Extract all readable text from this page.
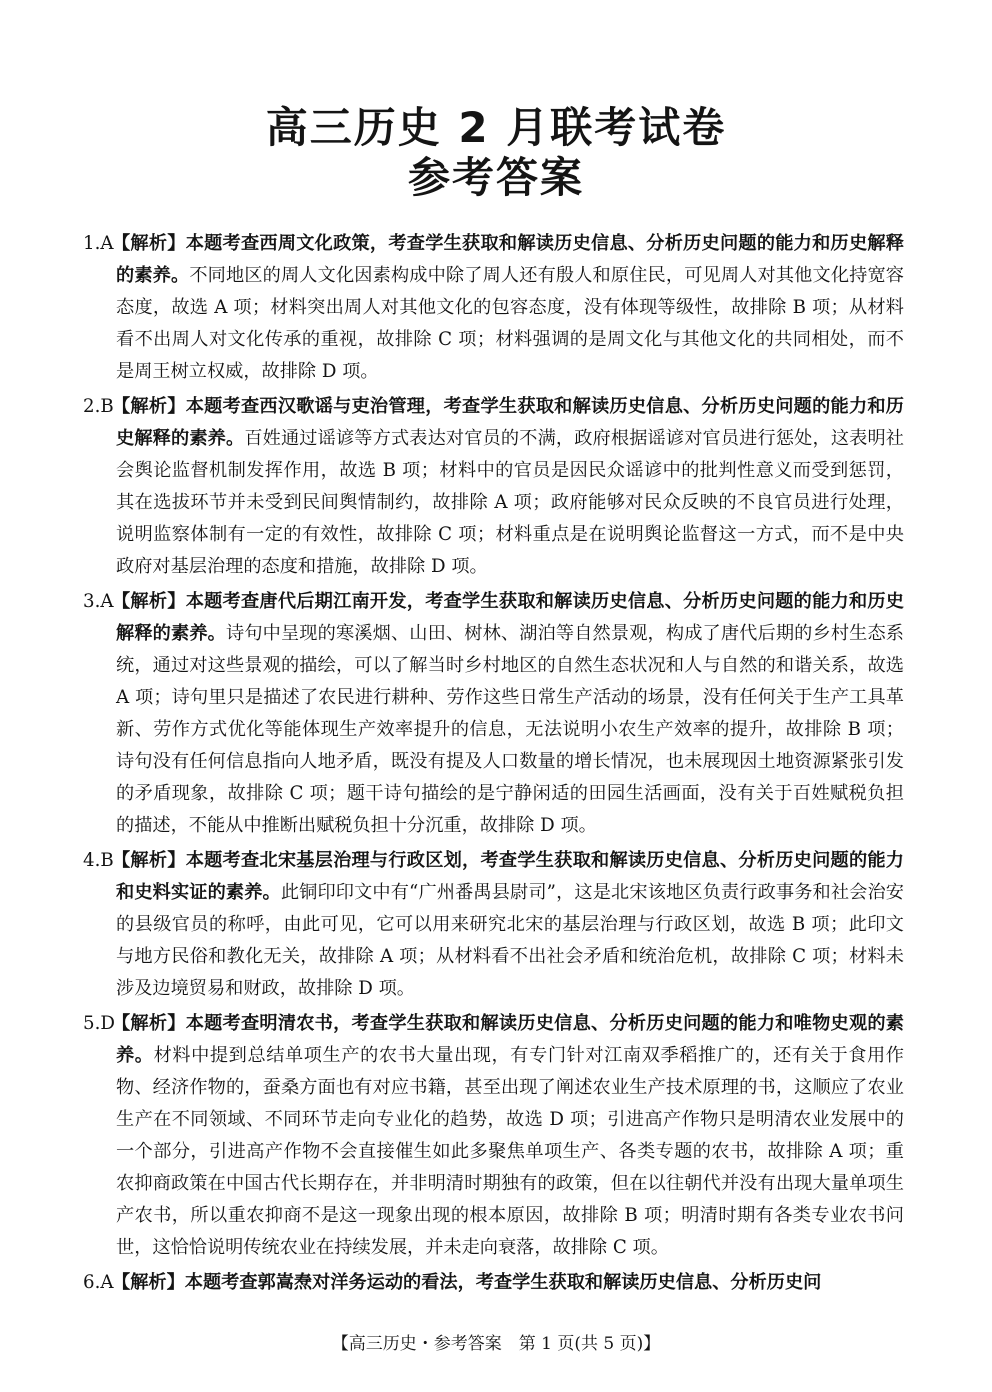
高三历史 2 月联考试卷
参考答案

1.A
【解析】本题考查西周文化政策，考查学生获取和解读历史信息、分析历史问题的能力和历史解释的素养。不同地区的周人文化因素构成中除了周人还有殷人和原住民，可见周人对其他文化持宽容态度，故选 A 项；材料突出周人对其他文化的包容态度，没有体现等级性，故排除 B 项；从材料看不出周人对文化传承的重视，故排除 C 项；材料强调的是周文化与其他文化的共同相处，而不是周王树立权威，故排除 D 项。

2.B
【解析】本题考查西汉歌谣与吏治管理，考查学生获取和解读历史信息、分析历史问题的能力和历史解释的素养。百姓通过谣谚等方式表达对官员的不满，政府根据谣谚对官员进行惩处，这表明社会舆论监督机制发挥作用，故选 B 项；材料中的官员是因民众谣谚中的批判性意义而受到惩罚，其在选拔环节并未受到民间舆情制约，故排除 A 项；政府能够对民众反映的不良官员进行处理，说明监察体制有一定的有效性，故排除 C 项；材料重点是在说明舆论监督这一方式，而不是中央政府对基层治理的态度和措施，故排除 D 项。

3.A
【解析】本题考查唐代后期江南开发，考查学生获取和解读历史信息、分析历史问题的能力和历史解释的素养。诗句中呈现的寒溪烟、山田、树林、湖泊等自然景观，构成了唐代后期的乡村生态系统，通过对这些景观的描绘，可以了解当时乡村地区的自然生态状况和人与自然的和谐关系，故选 A 项；诗句里只是描述了农民进行耕种、劳作这些日常生产活动的场景，没有任何关于生产工具革新、劳作方式优化等能体现生产效率提升的信息，无法说明小农生产效率的提升，故排除 B 项；诗句没有任何信息指向人地矛盾，既没有提及人口数量的增长情况，也未展现因土地资源紧张引发的矛盾现象，故排除 C 项；题干诗句描绘的是宁静闲适的田园生活画面，没有关于百姓赋税负担的描述，不能从中推断出赋税负担十分沉重，故排除 D 项。

4.B
【解析】本题考查北宋基层治理与行政区划，考查学生获取和解读历史信息、分析历史问题的能力和史料实证的素养。此铜印印文中有“广州番禺县尉司”，这是北宋该地区负责行政事务和社会治安的县级官员的称呼，由此可见，它可以用来研究北宋的基层治理与行政区划，故选 B 项；此印文与地方民俗和教化无关，故排除 A 项；从材料看不出社会矛盾和统治危机，故排除 C 项；材料未涉及边境贸易和财政，故排除 D 项。

5.D
【解析】本题考查明清农书，考查学生获取和解读历史信息、分析历史问题的能力和唯物史观的素养。材料中提到总结单项生产的农书大量出现，有专门针对江南双季稻推广的，还有关于食用作物、经济作物的，蚕桑方面也有对应书籍，甚至出现了阐述农业生产技术原理的书，这顺应了农业生产在不同领域、不同环节走向专业化的趋势，故选 D 项；引进高产作物只是明清农业发展中的一个部分，引进高产作物不会直接催生如此多聚焦单项生产、各类专题的农书，故排除 A 项；重农抑商政策在中国古代长期存在，并非明清时期独有的政策，但在以往朝代并没有出现大量单项生产农书，所以重农抑商不是这一现象出现的根本原因，故排除 B 项；明清时期有各类专业农书问世，这恰恰说明传统农业在持续发展，并未走向衰落，故排除 C 项。

6.A
【解析】本题考查郭嵩焘对洋务运动的看法，考查学生获取和解读历史信息、分析历史问

【高三历史・参考答案　第 1 页(共 5 页)】
